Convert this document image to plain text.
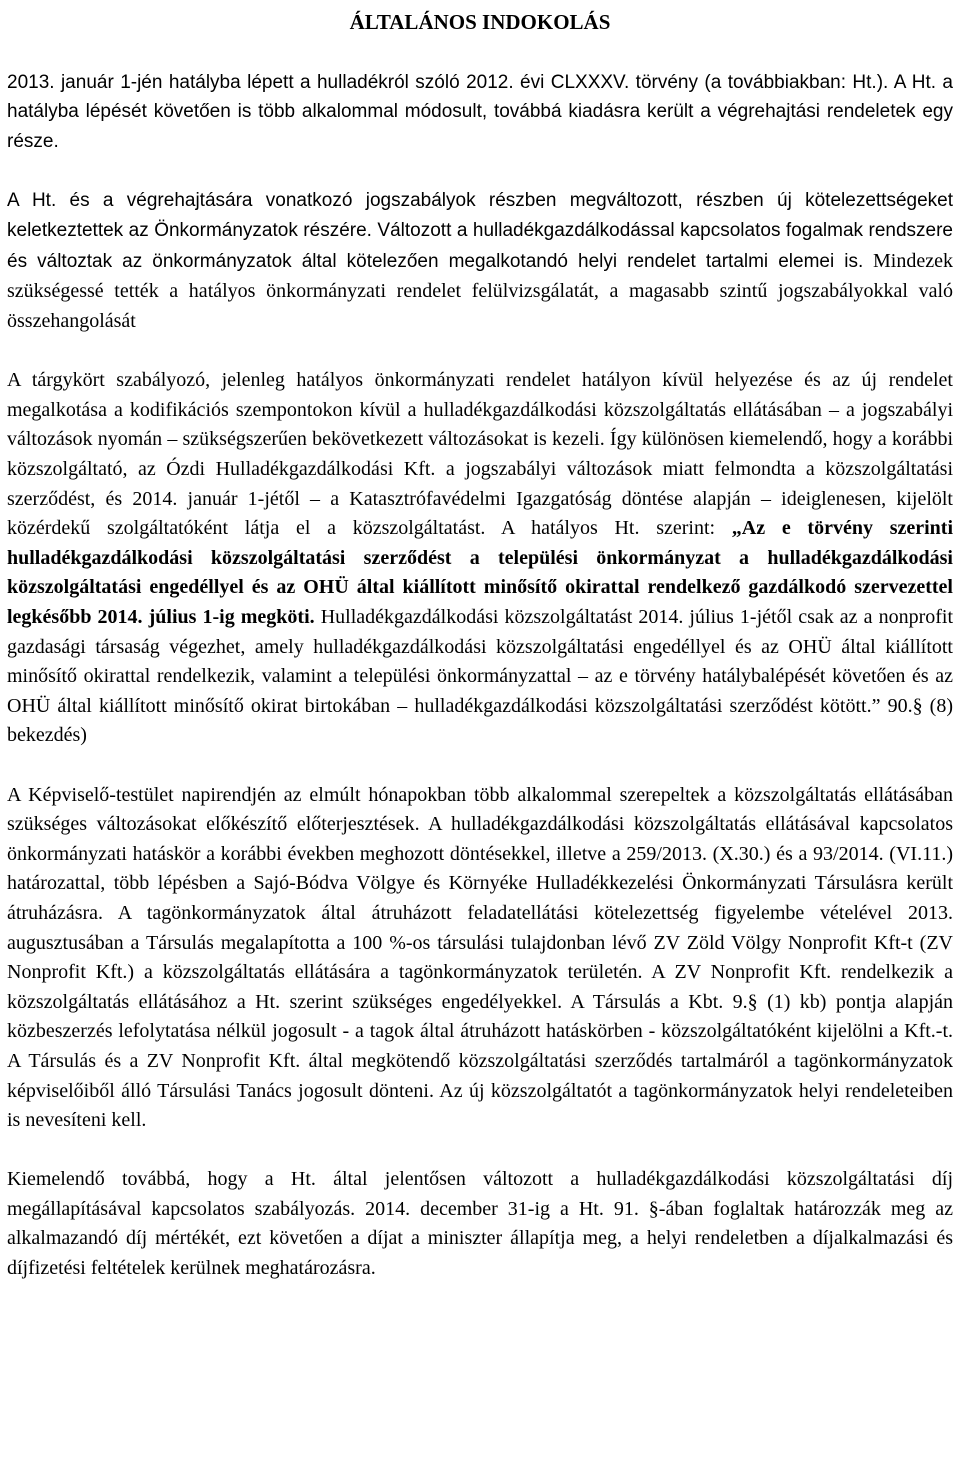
ÁLTALÁNOS INDOKOLÁS

2013. január 1-jén hatályba lépett a hulladékról szóló 2012. évi CLXXXV. törvény (a továbbiakban: Ht.). A Ht. a hatályba lépését követően is több alkalommal módosult, továbbá kiadásra került a végrehajtási rendeletek egy része.

A Ht. és a végrehajtására vonatkozó jogszabályok részben megváltozott, részben új kötelezettségeket keletkeztettek az Önkormányzatok részére. Változott a hulladékgazdálkodással kapcsolatos fogalmak rendszere és változtak az önkormányzatok által kötelezően megalkotandó helyi rendelet tartalmi elemei is. Mindezek szükségessé tették a hatályos önkormányzati rendelet felülvizsgálatát, a magasabb szintű jogszabályokkal való összehangolását

A tárgykört szabályozó, jelenleg hatályos önkormányzati rendelet hatályon kívül helyezése és az új rendelet megalkotása a kodifikációs szempontokon kívül a hulladékgazdálkodási közszolgáltatás ellátásában – a jogszabályi változások nyomán – szükségszerűen bekövetkezett változásokat is kezeli. Így különösen kiemelendő, hogy a korábbi közszolgáltató, az Ózdi Hulladékgazdálkodási Kft. a jogszabályi változások miatt felmondta a közszolgáltatási szerződést, és 2014. január 1-jétől – a Katasztrófavédelmi Igazgatóság döntése alapján – ideiglenesen, kijelölt közérdekű szolgáltatóként látja el a közszolgáltatást. A hatályos Ht. szerint: „Az e törvény szerinti hulladékgazdálkodási közszolgáltatási szerződést a települési önkormányzat a hulladékgazdálkodási közszolgáltatási engedéllyel és az OHÜ által kiállított minősítő okirattal rendelkező gazdálkodó szervezettel legkésőbb 2014. július 1-ig megköti. Hulladékgazdálkodási közszolgáltatást 2014. július 1-jétől csak az a nonprofit gazdasági társaság végezhet, amely hulladékgazdálkodási közszolgáltatási engedéllyel és az OHÜ által kiállított minősítő okirattal rendelkezik, valamint a települési önkormányzattal – az e törvény hatálybalépését követően és az OHÜ által kiállított minősítő okirat birtokában – hulladékgazdálkodási közszolgáltatási szerződést kötött.” 90.§ (8) bekezdés)

A Képviselő-testület napirendjén az elmúlt hónapokban több alkalommal szerepeltek a közszolgáltatás ellátásában szükséges változásokat előkészítő előterjesztések. A hulladékgazdálkodási közszolgáltatás ellátásával kapcsolatos önkormányzati hatáskör a korábbi években meghozott döntésekkel, illetve a 259/2013. (X.30.) és a 93/2014. (VI.11.) határozattal, több lépésben a Sajó-Bódva Völgye és Környéke Hulladékkezelési Önkormányzati Társulásra került átruházásra. A tagönkormányzatok által átruházott feladatellátási kötelezettség figyelembe vételével 2013. augusztusában a Társulás megalapította a 100 %-os társulási tulajdonban lévő ZV Zöld Völgy Nonprofit Kft-t (ZV Nonprofit Kft.) a közszolgáltatás ellátására a tagönkormányzatok területén. A ZV Nonprofit Kft. rendelkezik a közszolgáltatás ellátásához a Ht. szerint szükséges engedélyekkel. A Társulás a Kbt. 9.§ (1) kb) pontja alapján közbeszerzés lefolytatása nélkül jogosult - a tagok által átruházott hatáskörben - közszolgáltatóként kijelölni a Kft.-t. A Társulás és a ZV Nonprofit Kft. által megkötendő közszolgáltatási szerződés tartalmáról a tagönkormányzatok képviselőiből álló Társulási Tanács jogosult dönteni. Az új közszolgáltatót a tagönkormányzatok helyi rendeleteiben is nevesíteni kell.

Kiemelendő továbbá, hogy a Ht. által jelentősen változott a hulladékgazdálkodási közszolgáltatási díj megállapításával kapcsolatos szabályozás. 2014. december 31-ig a Ht. 91. §-ában foglaltak határozzák meg az alkalmazandó díj mértékét, ezt követően a díjat a miniszter állapítja meg, a helyi rendeletben a díjalkalmazási és díjfizetési feltételek kerülnek meghatározásra.
